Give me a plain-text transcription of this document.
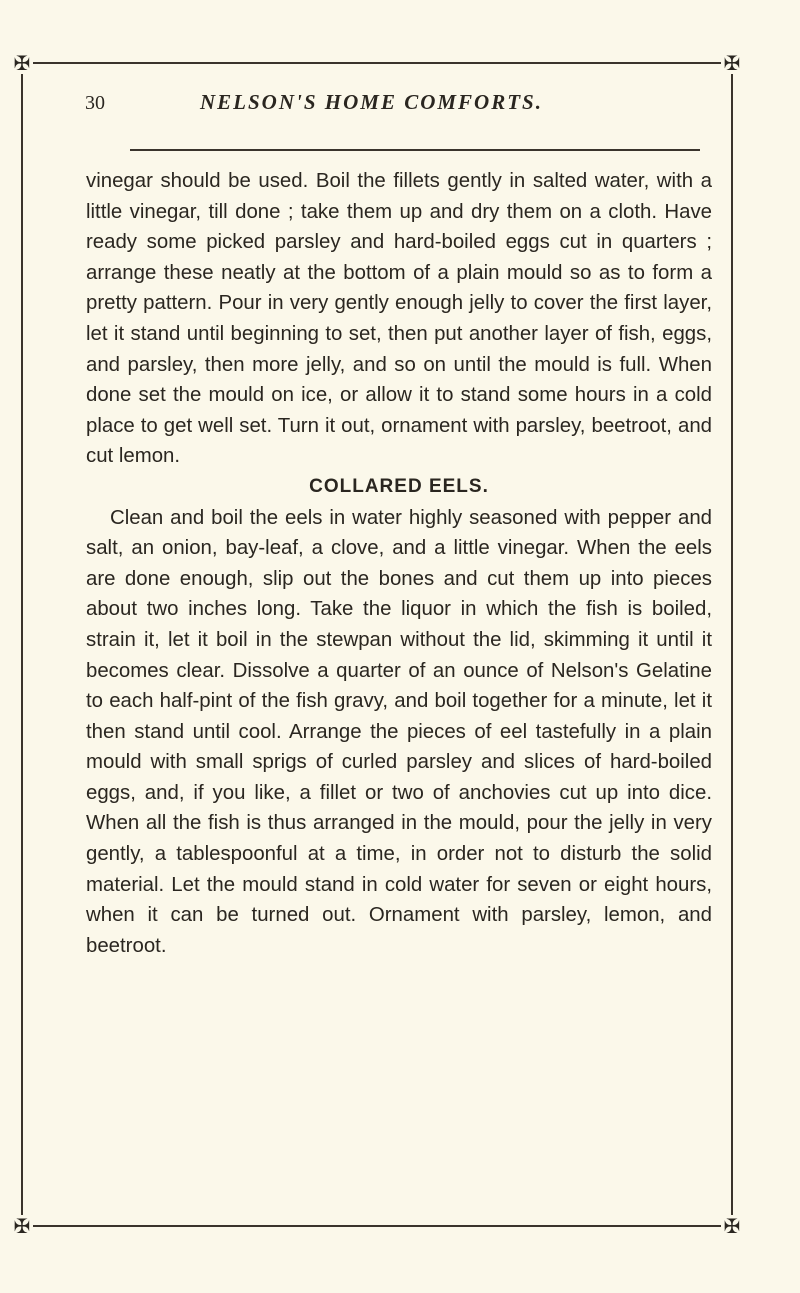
✠	✠
✠	✠
30	NELSON'S HOME COMFORTS.

vinegar should be used. Boil the fillets gently in salted water, with a little vinegar, till done ; take them up and dry them on a cloth. Have ready some picked parsley and hard-boiled eggs cut in quarters ; arrange these neatly at the bottom of a plain mould so as to form a pretty pattern. Pour in very gently enough jelly to cover the first layer, let it stand until beginning to set, then put another layer of fish, eggs, and parsley, then more jelly, and so on until the mould is full. When done set the mould on ice, or allow it to stand some hours in a cold place to get well set. Turn it out, ornament with parsley, beetroot, and cut lemon.

COLLARED EELS.

Clean and boil the eels in water highly seasoned with pepper and salt, an onion, bay-leaf, a clove, and a little vinegar. When the eels are done enough, slip out the bones and cut them up into pieces about two inches long. Take the liquor in which the fish is boiled, strain it, let it boil in the stewpan without the lid, skimming it until it becomes clear. Dissolve a quarter of an ounce of Nelson's Gelatine to each half-pint of the fish gravy, and boil together for a minute, let it then stand until cool. Arrange the pieces of eel tastefully in a plain mould with small sprigs of curled parsley and slices of hard-boiled eggs, and, if you like, a fillet or two of anchovies cut up into dice. When all the fish is thus arranged in the mould, pour the jelly in very gently, a tablespoonful at a time, in order not to disturb the solid material. Let the mould stand in cold water for seven or eight hours, when it can be turned out. Ornament with parsley, lemon, and beetroot.
